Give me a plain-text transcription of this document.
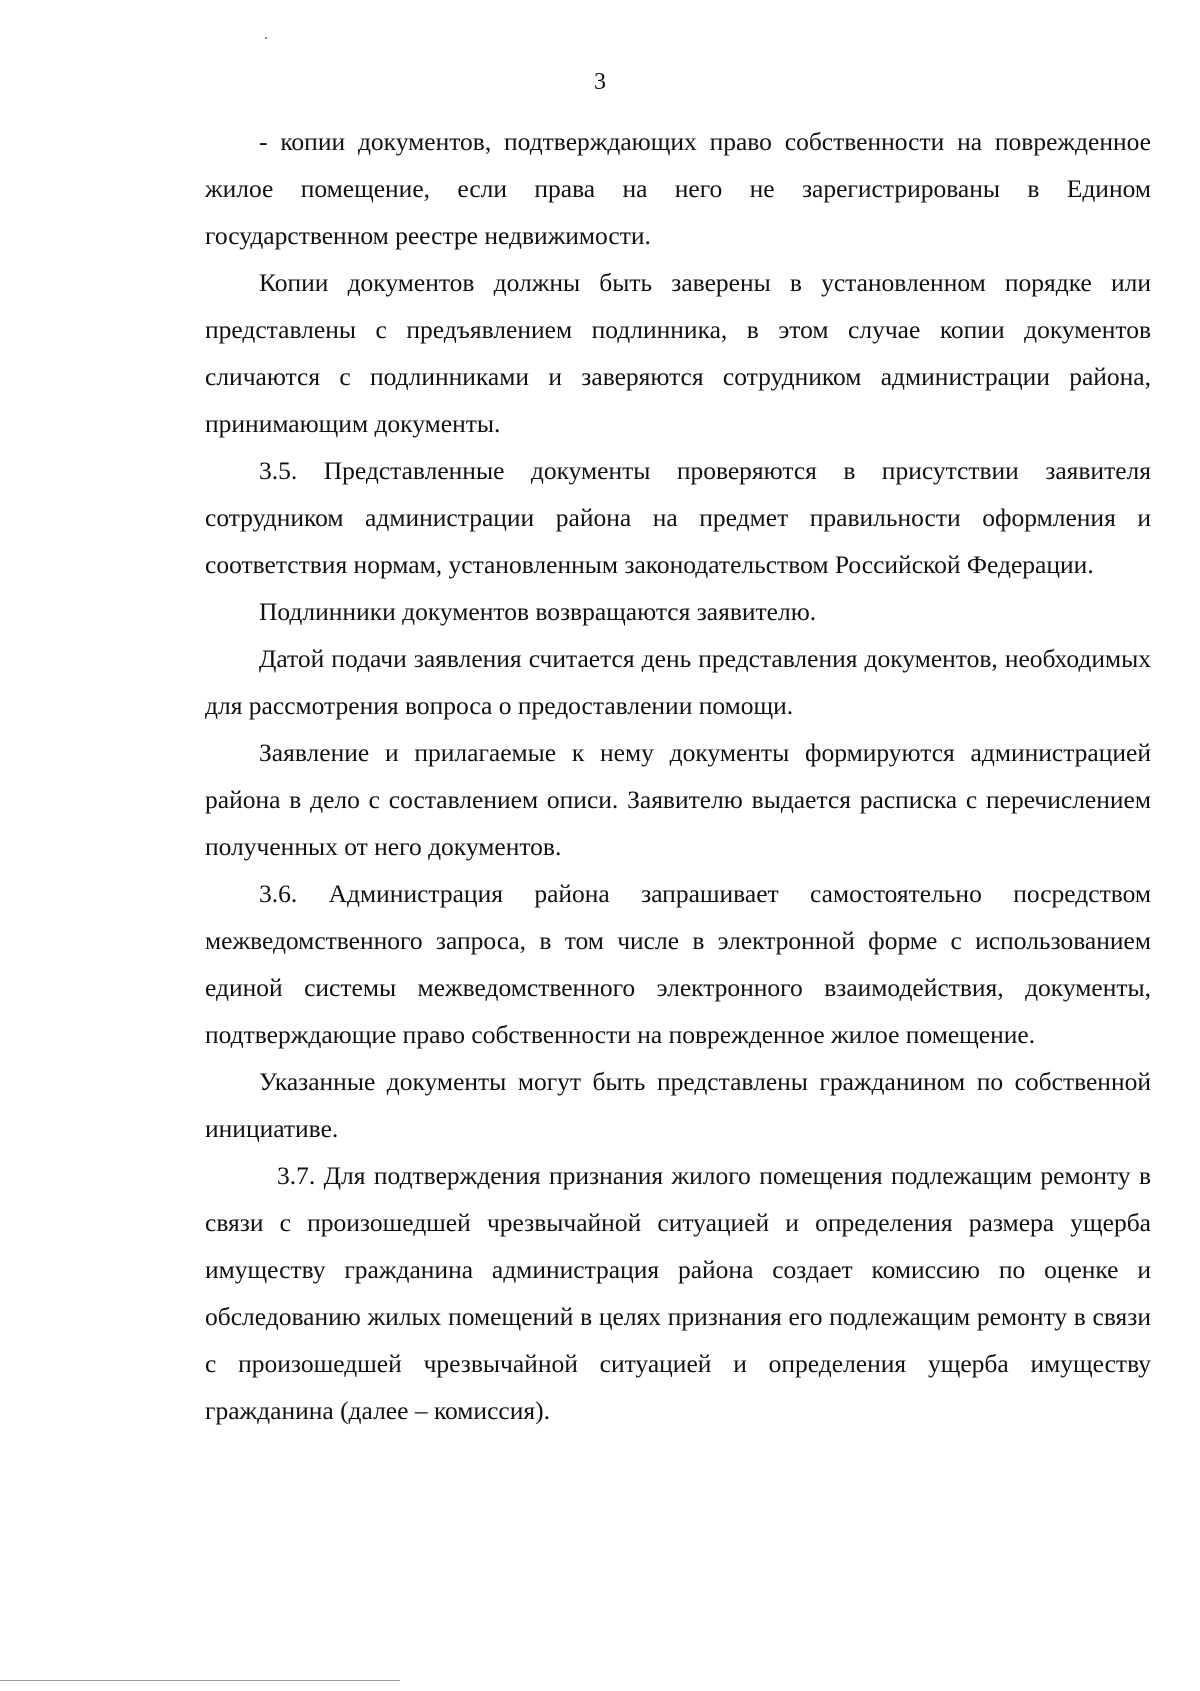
3

- копии документов, подтверждающих право собственности на поврежденное жилое помещение, если права на него не зарегистрированы в Едином государственном реестре недвижимости.

Копии документов должны быть заверены в установленном порядке или представлены с предъявлением подлинника, в этом случае копии документов сличаются с подлинниками и заверяются сотрудником администрации района, принимающим документы.

3.5. Представленные документы проверяются в присутствии заявителя сотрудником администрации района на предмет правильности оформления и соответствия нормам, установленным законодательством Российской Федерации.

Подлинники документов возвращаются заявителю.

Датой подачи заявления считается день представления документов, необходимых для рассмотрения вопроса о предоставлении помощи.

Заявление и прилагаемые к нему документы формируются администрацией района в дело с составлением описи. Заявителю выдается расписка с перечислением полученных от него документов.

3.6. Администрация района запрашивает самостоятельно посредством межведомственного запроса, в том числе в электронной форме с использованием единой системы межведомственного электронного взаимодействия, документы, подтверждающие право собственности на поврежденное жилое помещение.

Указанные документы могут быть представлены гражданином по собственной инициативе.

3.7. Для подтверждения признания жилого помещения подлежащим ремонту в связи с произошедшей чрезвычайной ситуацией и определения размера ущерба имуществу гражданина администрация района создает комиссию по оценке и обследованию жилых помещений в целях признания его подлежащим ремонту в связи с произошедшей чрезвычайной ситуацией и определения ущерба имуществу гражданина (далее – комиссия).
